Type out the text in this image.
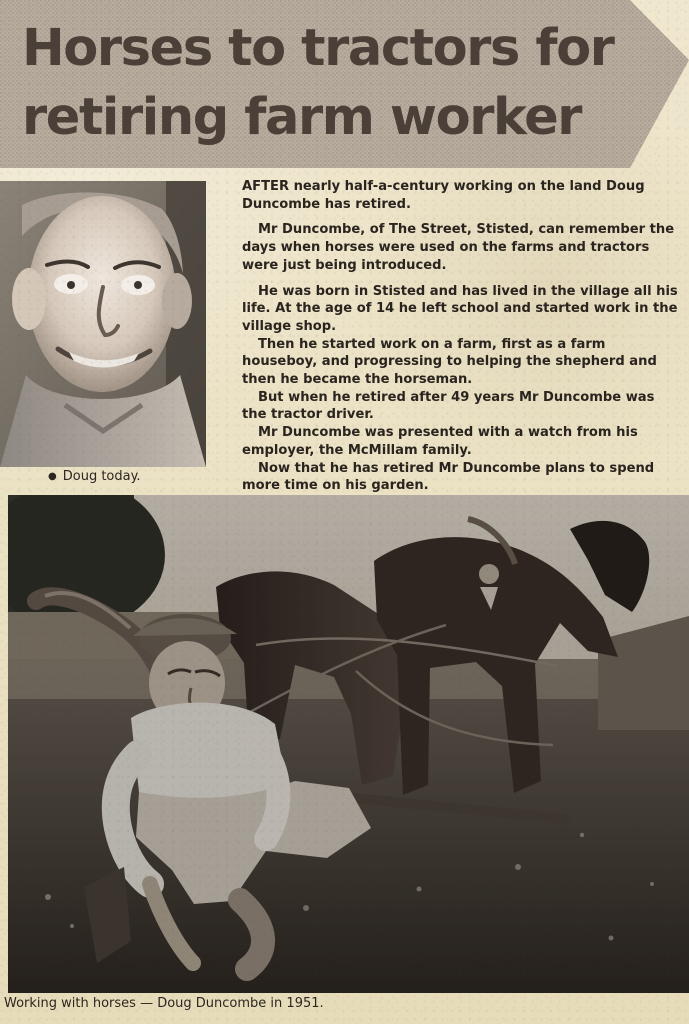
Horses to tractors for
retiring farm worker
● Doug today.

AFTER nearly half-a-century working on the land Doug Duncombe has retired.

Mr Duncombe, of The Street, Stisted, can remember the days when horses were used on the farms and tractors were just being introduced.

He was born in Stisted and has lived in the village all his life. At the age of 14 he left school and started work in the village shop.

Then he started work on a farm, first as a farm houseboy, and progressing to helping the shepherd and then he became the horseman.

But when he retired after 49 years Mr Duncombe was the tractor driver.

Mr Duncombe was presented with a watch from his employer, the McMillam family.

Now that he has retired Mr Duncombe plans to spend more time on his garden.

Working with horses — Doug Duncombe in 1951.
